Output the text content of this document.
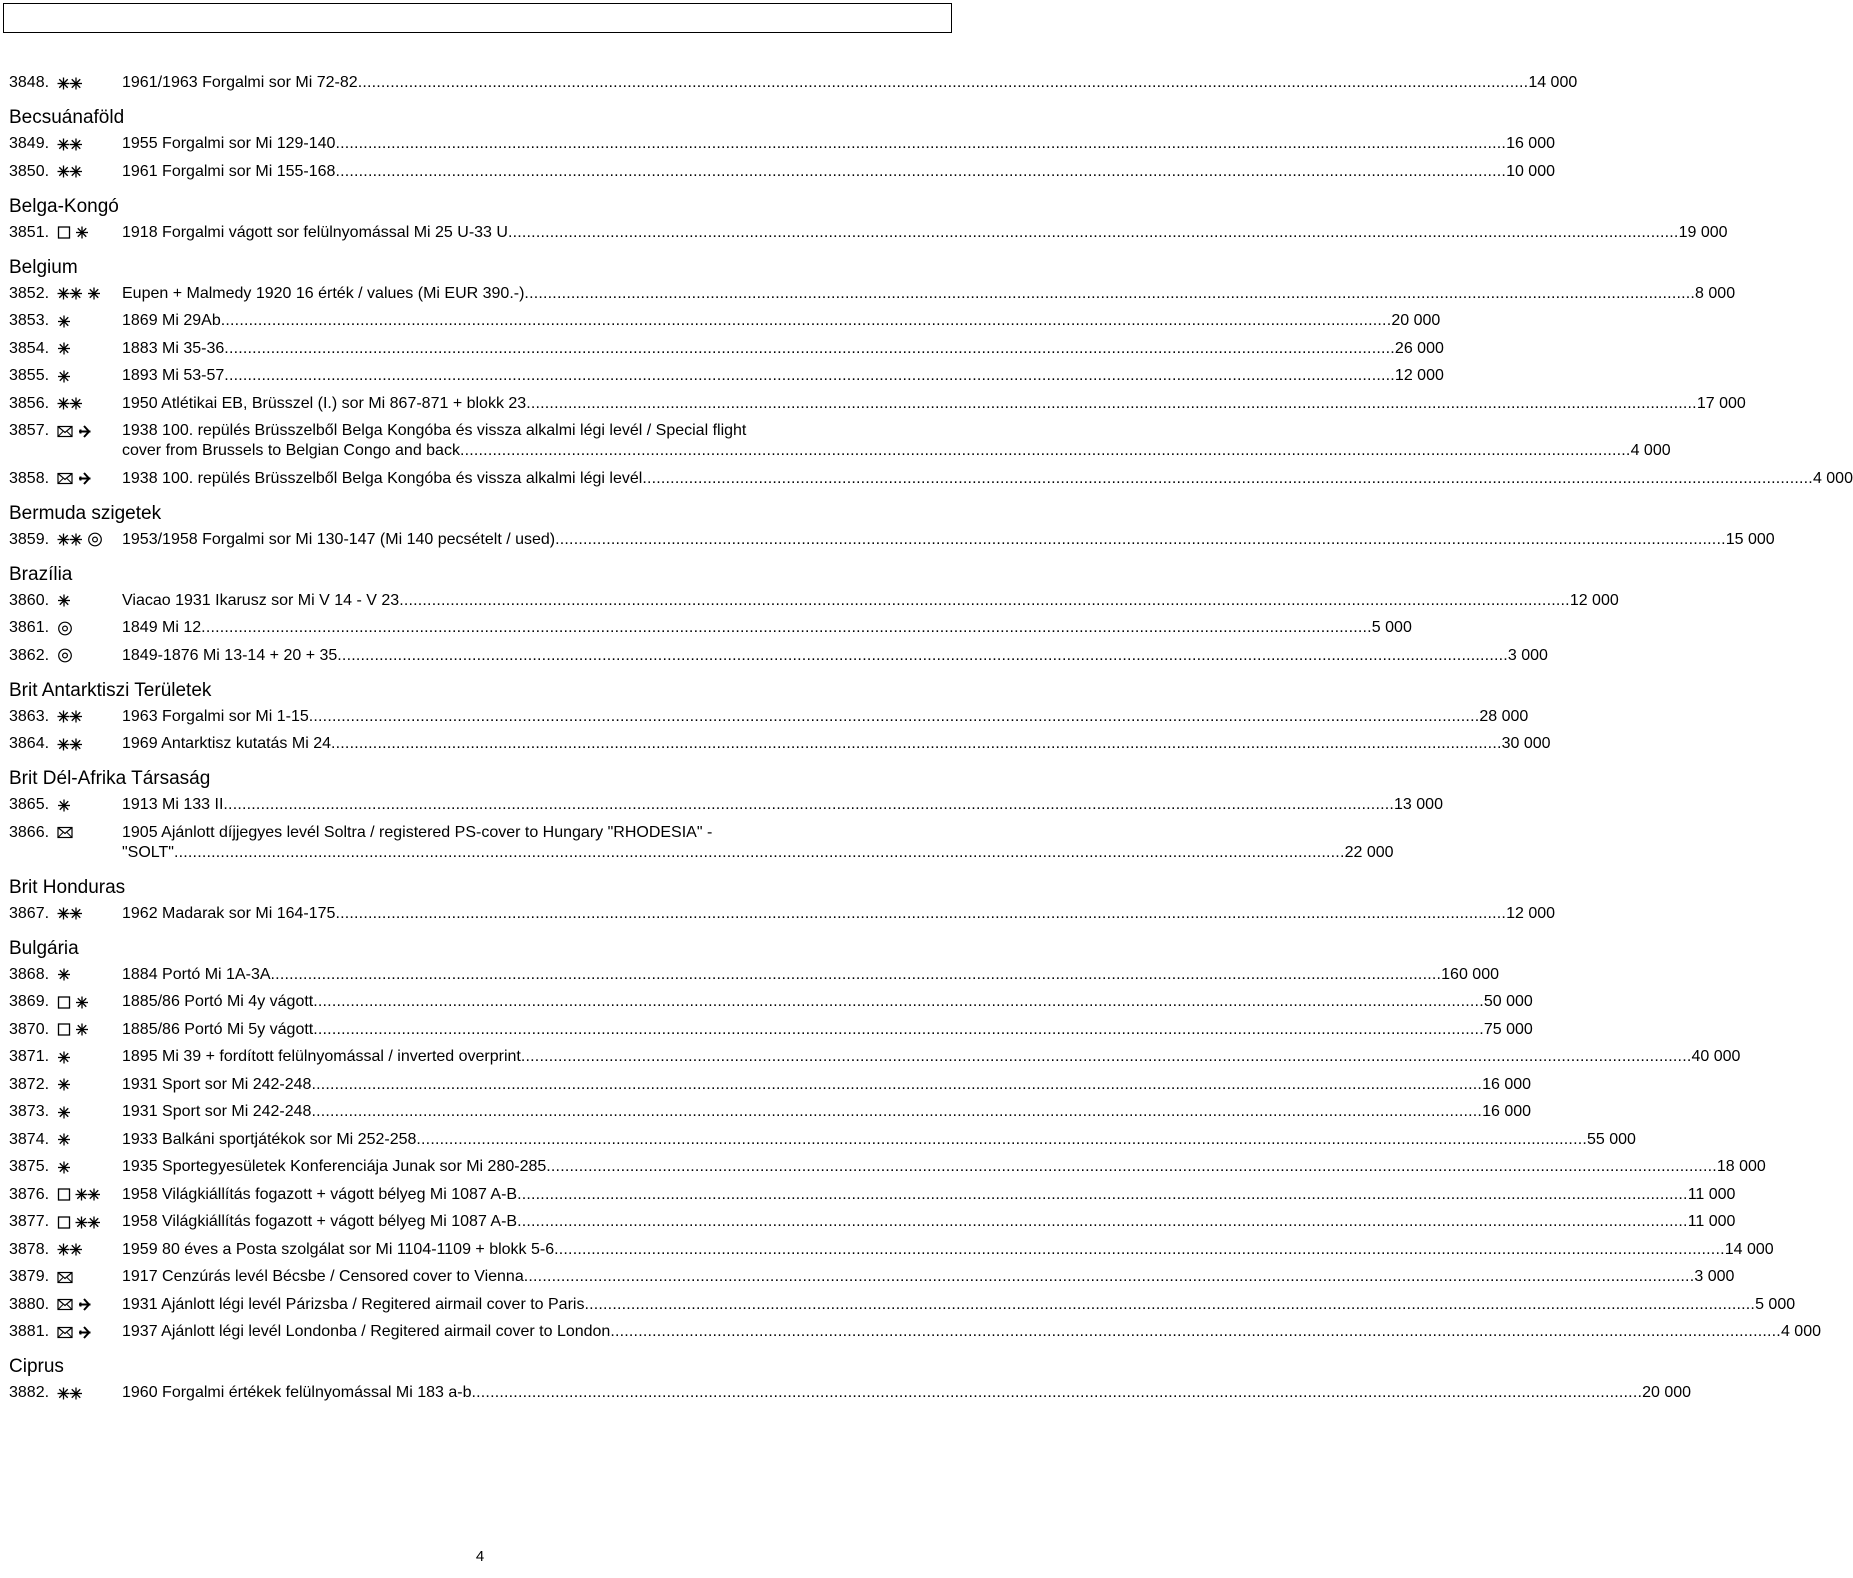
3848.	1961/1963 Forgalmi sor Mi 72-82 .....	14 000
Becsuánaföld
3849.	1955 Forgalmi sor Mi 129-140 .....	16 000
3850.	1961 Forgalmi sor Mi 155-168 .....	10 000
Belga-Kongó
3851.	1918 Forgalmi vágott sor felülnyomással Mi 25 U-33 U .....	19 000
Belgium
3852.	Eupen + Malmedy 1920 16 érték / values (Mi EUR 390.-) .....	8 000
3853.	1869 Mi 29Ab .....	20 000
3854.	1883 Mi 35-36 .....	26 000
3855.	1893 Mi 53-57 .....	12 000
3856.	1950 Atlétikai EB, Brüsszel (I.) sor Mi 867-871 + blokk 23 .....	17 000
3857.	1938 100. repülés Brüsszelből Belga Kongóba és vissza alkalmi légi levél / Special flight
cover from Brussels to Belgian Congo and back .....	4 000
3858.	1938 100. repülés Brüsszelből Belga Kongóba és vissza alkalmi légi levél .....	4 000
Bermuda szigetek
3859.	1953/1958 Forgalmi sor Mi 130-147 (Mi 140 pecsételt / used) .....	15 000
Brazília
3860.	Viacao 1931 Ikarusz sor Mi V 14 - V 23 .....	12 000
3861.	1849 Mi 12 .....	5 000
3862.	1849-1876 Mi 13-14 + 20 + 35 .....	3 000
Brit Antarktiszi Területek
3863.	1963 Forgalmi sor Mi 1-15 .....	28 000
3864.	1969 Antarktisz kutatás Mi 24 .....	30 000
Brit Dél-Afrika Társaság
3865.	1913 Mi 133 II .....	13 000
3866.	1905 Ajánlott díjjegyes levél Soltra / registered PS-cover to Hungary "RHODESIA" -
"SOLT" .....	22 000
Brit Honduras
3867.	1962 Madarak sor Mi 164-175 .....	12 000
Bulgária
3868.	1884 Portó Mi 1A-3A .....	160 000
3869.	1885/86 Portó Mi 4y vágott .....	50 000
3870.	1885/86 Portó Mi 5y vágott .....	75 000
3871.	1895 Mi 39 + fordított felülnyomással / inverted overprint .....	40 000
3872.	1931 Sport sor Mi 242-248 .....	16 000
3873.	1931 Sport sor Mi 242-248 .....	16 000
3874.	1933 Balkáni sportjátékok sor Mi 252-258 .....	55 000
3875.	1935 Sportegyesületek Konferenciája Junak sor Mi 280-285 .....	18 000
3876.	1958 Világkiállítás fogazott + vágott bélyeg Mi 1087 A-B .....	11 000
3877.	1958 Világkiállítás fogazott + vágott bélyeg Mi 1087 A-B .....	11 000
3878.	1959 80 éves a Posta szolgálat sor Mi 1104-1109 + blokk 5-6 .....	14 000
3879.	1917 Cenzúrás levél Bécsbe / Censored cover to Vienna .....	3 000
3880.	1931 Ajánlott légi levél Párizsba / Regitered airmail cover to Paris .....	5 000
3881.	1937 Ajánlott légi levél Londonba / Regitered airmail cover to London .....	4 000
Ciprus
3882.	1960 Forgalmi értékek felülnyomással Mi 183 a-b .....	20 000
4
